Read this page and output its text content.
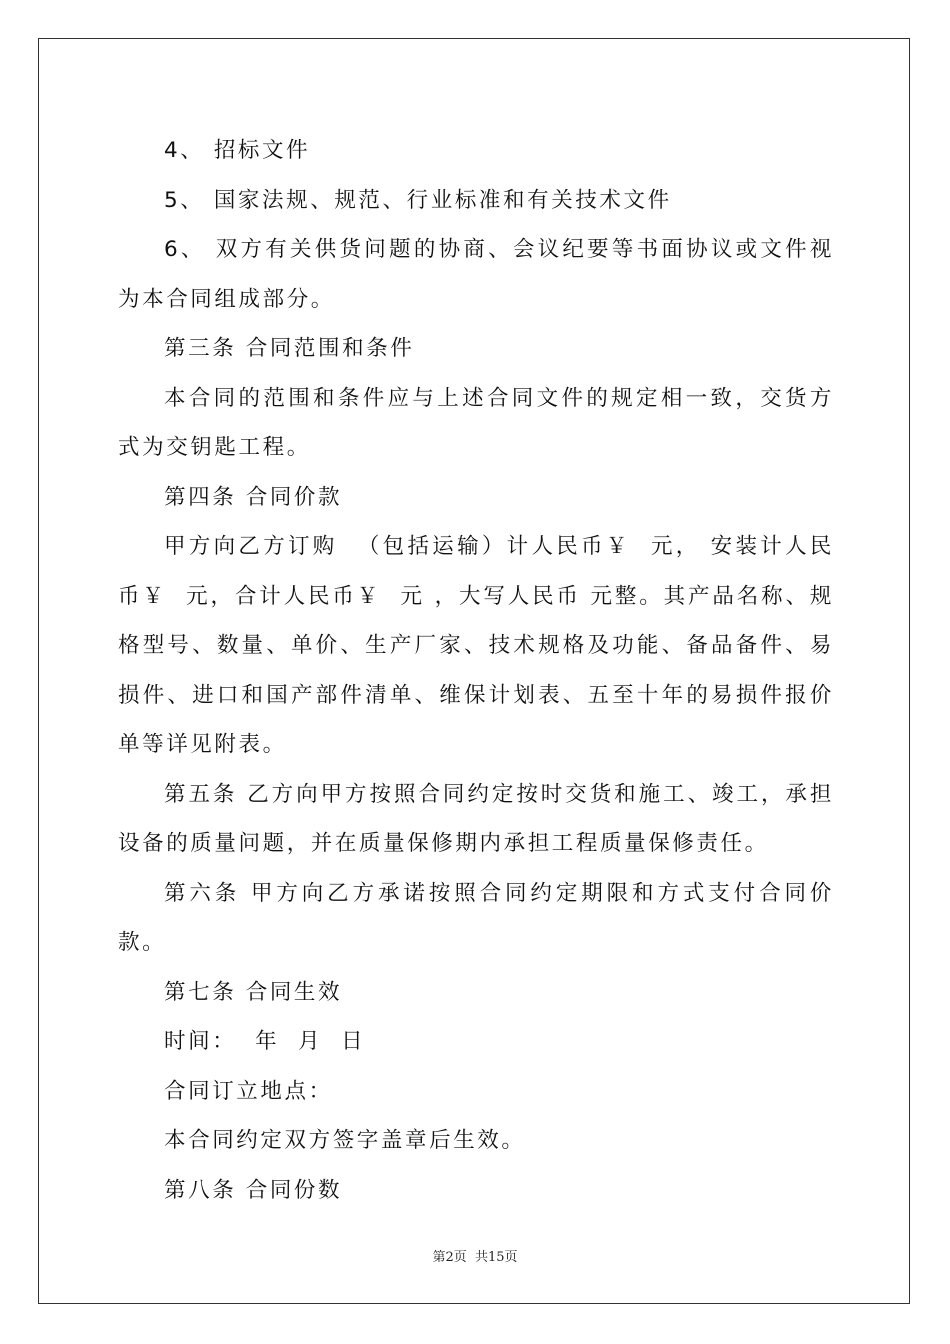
4、 招标文件

5、 国家法规、规范、行业标准和有关技术文件

6、 双方有关供货问题的协商、会议纪要等书面协议或文件视为本合同组成部分。

第三条 合同范围和条件

本合同的范围和条件应与上述合同文件的规定相一致，交货方式为交钥匙工程。

第四条 合同价款

甲方向乙方订购  （包括运输）计人民币￥  元， 安装计人民币￥  元，合计人民币￥  元 ，大写人民币 元整。其产品名称、规格型号、数量、单价、生产厂家、技术规格及功能、备品备件、易损件、进口和国产部件清单、维保计划表、五至十年的易损件报价单等详见附表。

第五条 乙方向甲方按照合同约定按时交货和施工、竣工，承担设备的质量问题，并在质量保修期内承担工程质量保修责任。

第六条 甲方向乙方承诺按照合同约定期限和方式支付合同价款。

第七条 合同生效

时间：  年  月  日

合同订立地点：

本合同约定双方签字盖章后生效。

第八条 合同份数

第2页  共15页
